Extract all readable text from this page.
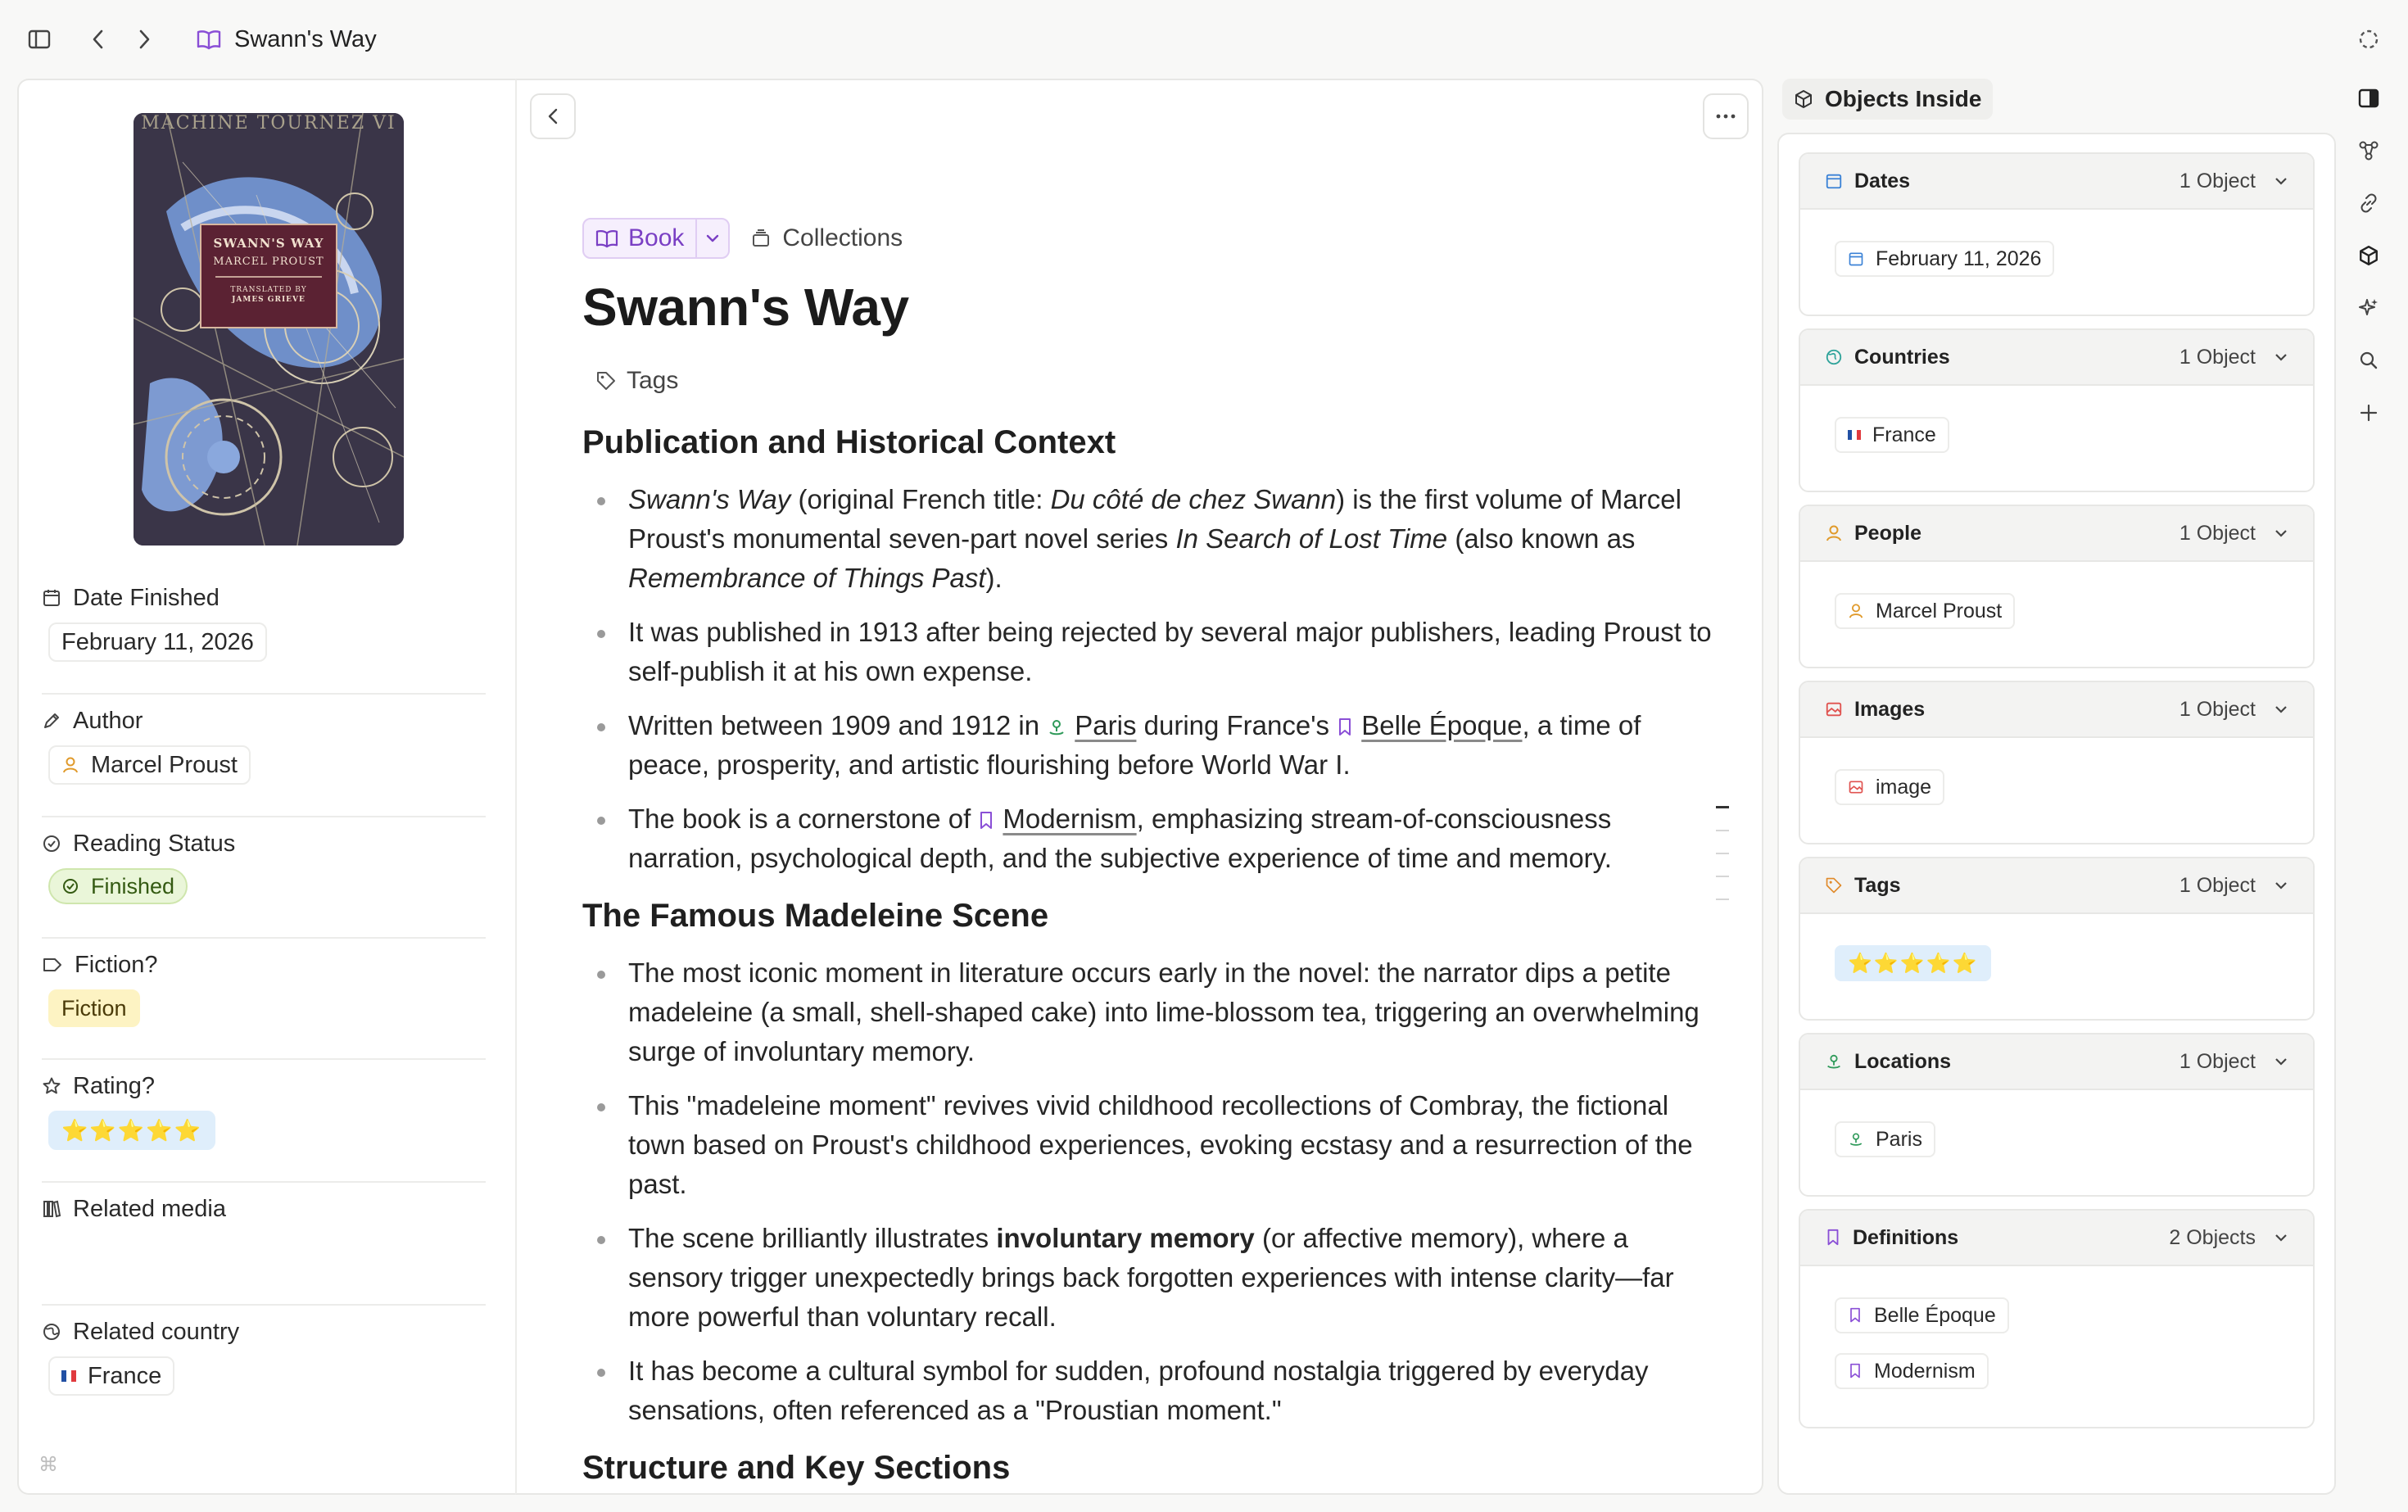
Swann's Way
MACHINE TOURNEZ VI
SWANN'S WAY
MARCEL PROUST
TRANSLATED BY
JAMES GRIEVE
Date Finished
February 11, 2026
Author
Marcel Proust
Reading Status
Finished
Fiction?
Fiction
Rating?
⭐⭐⭐⭐⭐
Related media
Related country
France
⌘
Book	Collections
Swann's Way
Tags
Publication and Historical Context
Swann's Way (original French title: Du côté de chez Swann) is the first volume of Marcel Proust's monumental seven-part novel series In Search of Lost Time (also known as Remembrance of Things Past).
It was published in 1913 after being rejected by several major publishers, leading Proust to self-publish it at his own expense.
Written between 1909 and 1912 in Paris during France's Belle Époque, a time of peace, prosperity, and artistic flourishing before World War I.
The book is a cornerstone of Modernism, emphasizing stream-of-consciousness narration, psychological depth, and the subjective experience of time and memory.
The Famous Madeleine Scene
The most iconic moment in literature occurs early in the novel: the narrator dips a petite madeleine (a small, shell-shaped cake) into lime-blossom tea, triggering an overwhelming surge of involuntary memory.
This "madeleine moment" revives vivid childhood recollections of Combray, the fictional town based on Proust's childhood experiences, evoking ecstasy and a resurrection of the past.
The scene brilliantly illustrates involuntary memory (or affective memory), where a sensory trigger unexpectedly brings back forgotten experiences with intense clarity—far more powerful than voluntary recall.
It has become a cultural symbol for sudden, profound nostalgia triggered by everyday sensations, often referenced as a "Proustian moment."
Structure and Key Sections
Objects Inside
Dates	1 Object
February 11, 2026
Countries	1 Object
France
People	1 Object
Marcel Proust
Images	1 Object
image
Tags	1 Object
⭐⭐⭐⭐⭐
Locations	1 Object
Paris
Definitions	2 Objects
Belle Époque
Modernism
